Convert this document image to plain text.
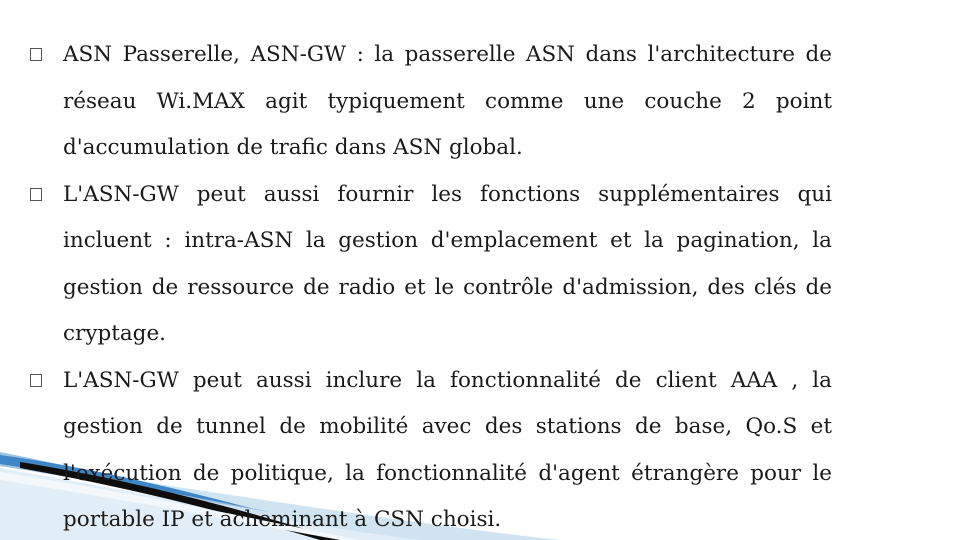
ASN Passerelle, ASN-GW : la passerelle ASN dans l'architecture de réseau Wi.MAX agit typiquement comme une couche 2 point d'accumulation de trafic dans ASN global.
L'ASN-GW peut aussi fournir les fonctions supplémentaires qui incluent : intra-ASN la gestion d'emplacement et la pagination, la gestion de ressource de radio et le contrôle d'admission, des clés de cryptage.
L'ASN-GW peut aussi inclure la fonctionnalité de client AAA , la gestion de tunnel de mobilité avec des stations de base, Qo.S et l'exécution de politique, la fonctionnalité d'agent étrangère pour le portable IP et acheminant à CSN choisi.
